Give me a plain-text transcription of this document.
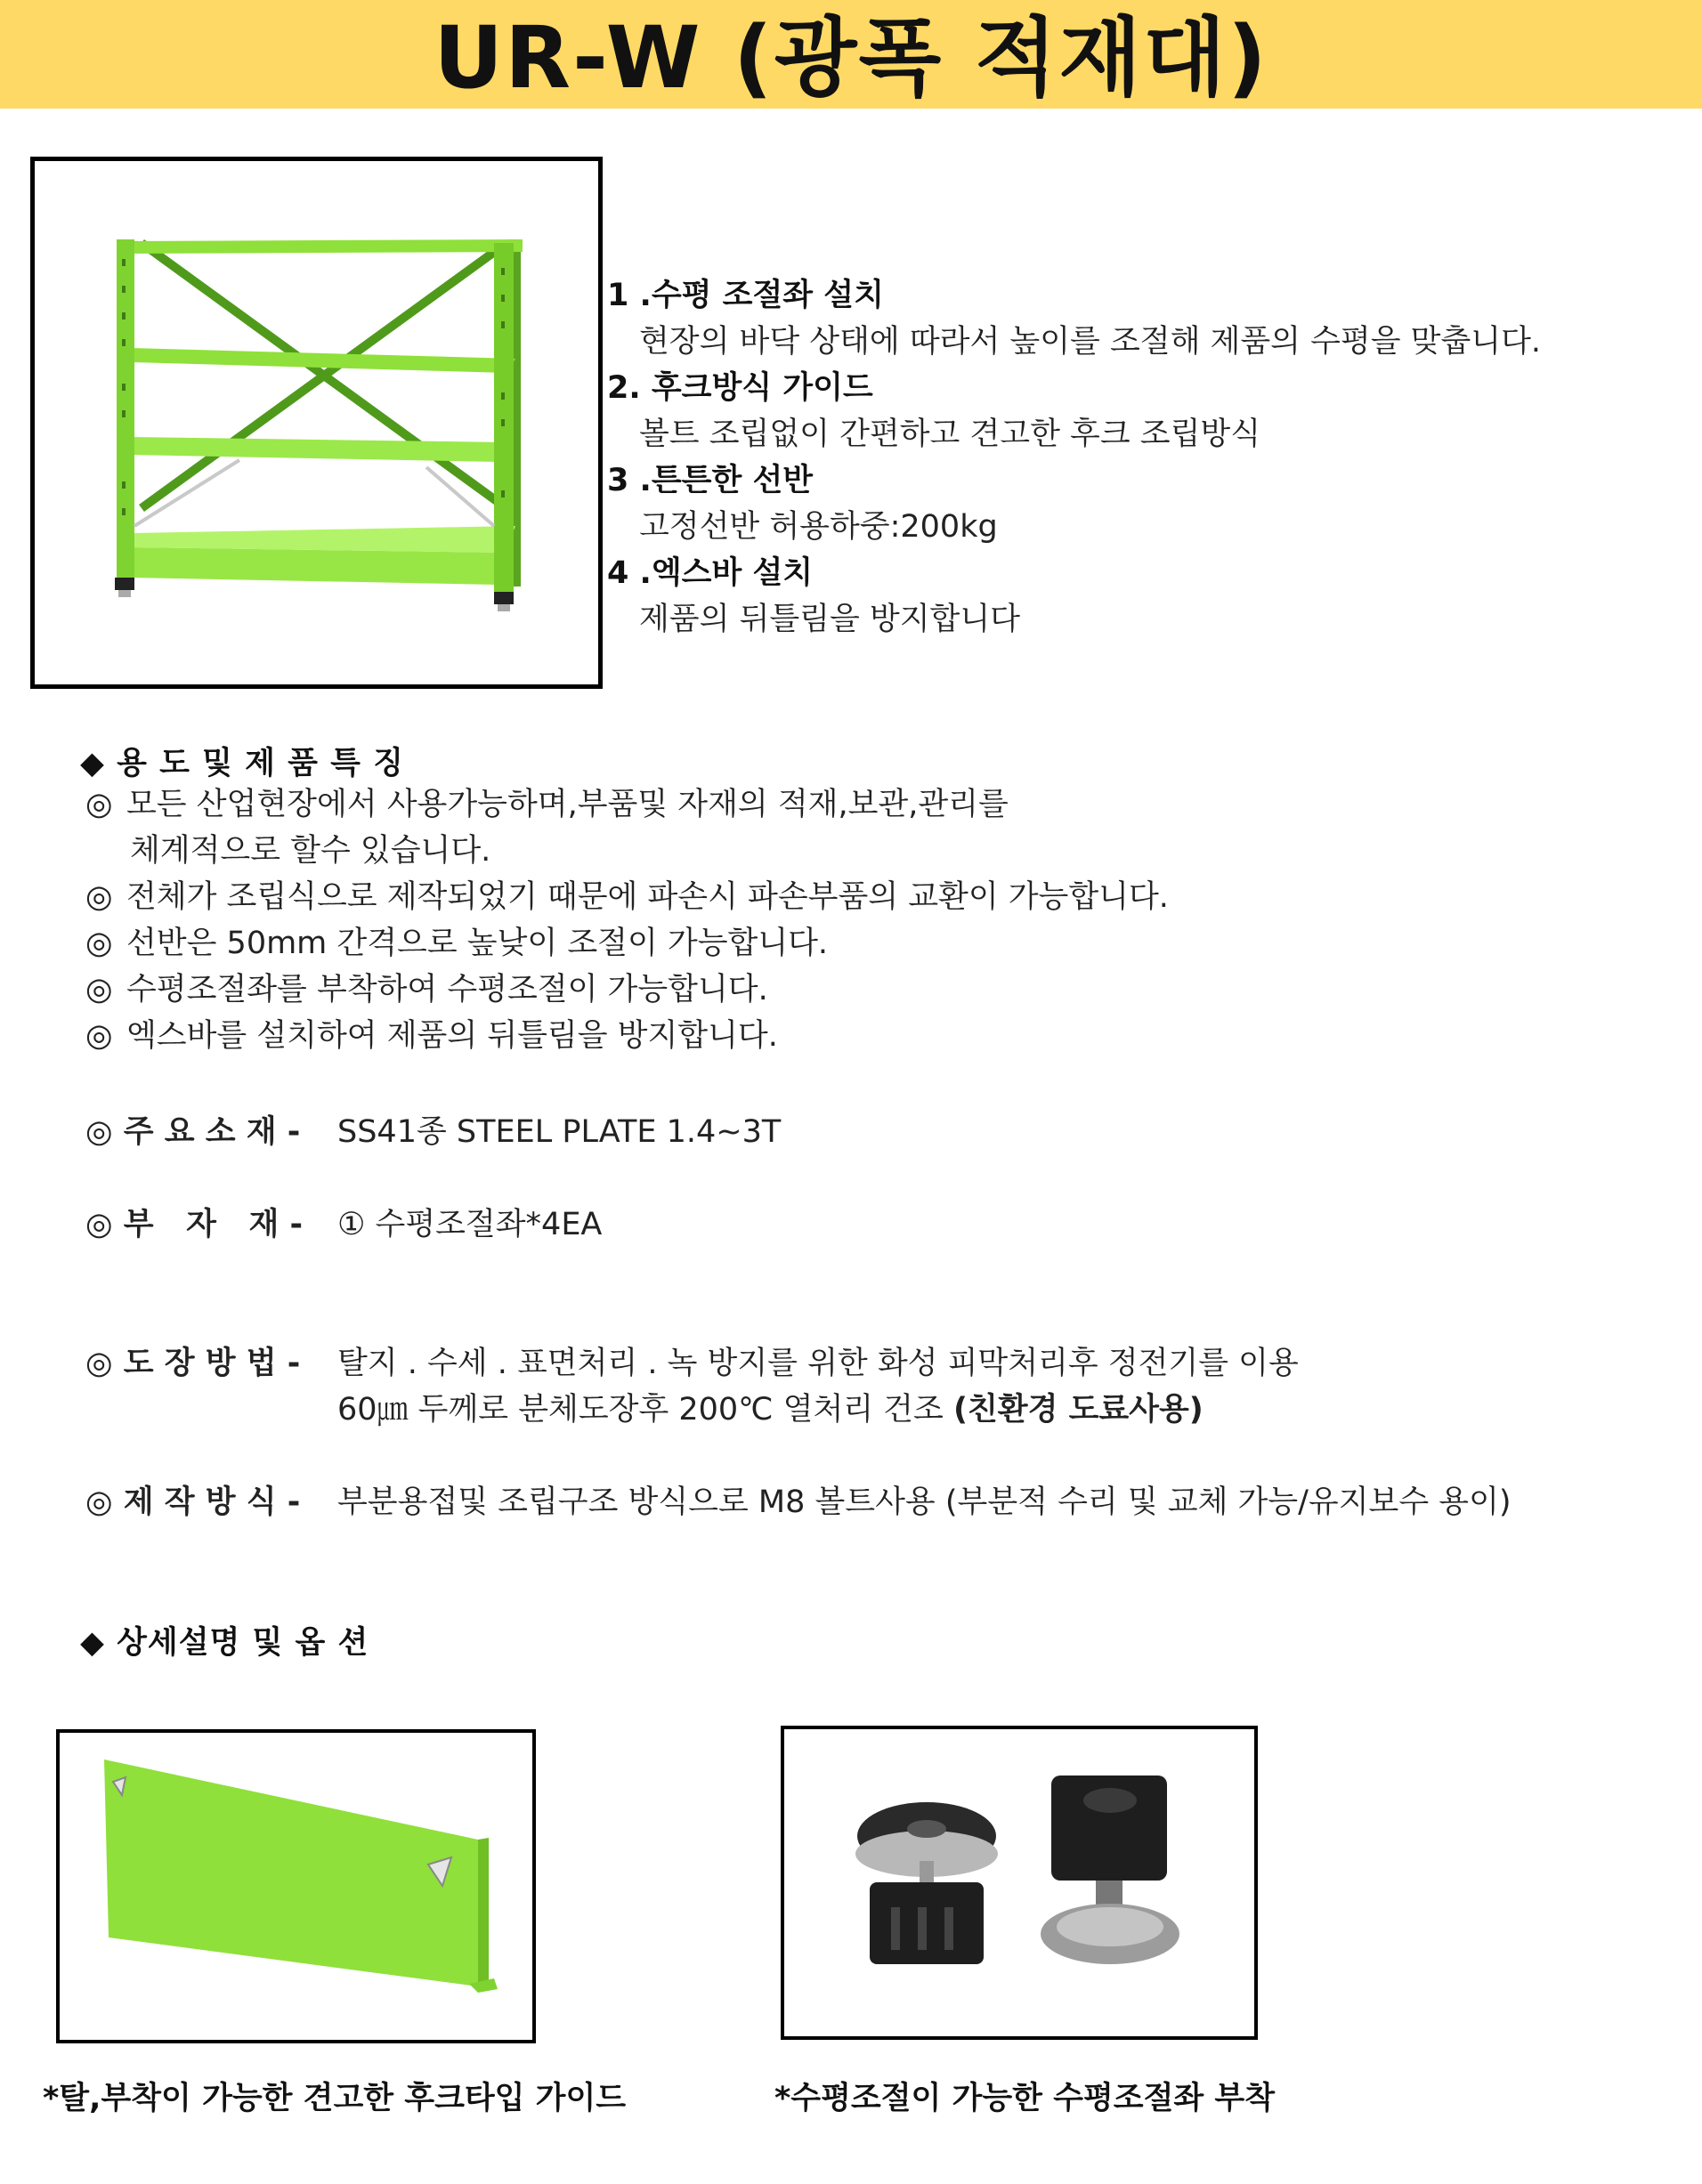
UR-W (광폭 적재대)
1 .수평 조절좌 설치
현장의 바닥 상태에 따라서 높이를 조절해 제품의 수평을 맞춥니다.
2. 후크방식 가이드
볼트 조립없이 간편하고 견고한 후크 조립방식
3 .튼튼한 선반
고정선반 허용하중:200kg
4 .엑스바 설치
제품의 뒤틀림을 방지합니다
◆ 용 도 및 제 품 특 징
◎ 모든 산업현장에서 사용가능하며,부품및 자재의 적재,보관,관리를
체계적으로 할수 있습니다.
◎ 전체가 조립식으로 제작되었기 때문에 파손시 파손부품의 교환이 가능합니다.
◎ 선반은 50mm 간격으로 높낮이 조절이 가능합니다.
◎ 수평조절좌를 부착하여 수평조절이 가능합니다.
◎ 엑스바를 설치하여 제품의 뒤틀림을 방지합니다.
◎ 주 요 소 재 - SS41종 STEEL PLATE 1.4~3T
◎ 부   자   재 - ① 수평조절좌*4EA
◎ 도 장 방 법 - 탈지 . 수세 . 표면처리 . 녹 방지를 위한 화성 피막처리후 정전기를 이용
60㎛ 두께로 분체도장후 200℃ 열처리 건조 (친환경 도료사용)
◎ 제 작 방 식 - 부분용접및 조립구조 방식으로 M8 볼트사용 (부분적 수리 및 교체 가능/유지보수 용이)
◆ 상세설명 및 옵 션
*탈,부착이 가능한 견고한 후크타입 가이드	*수평조절이 가능한 수평조절좌 부착
